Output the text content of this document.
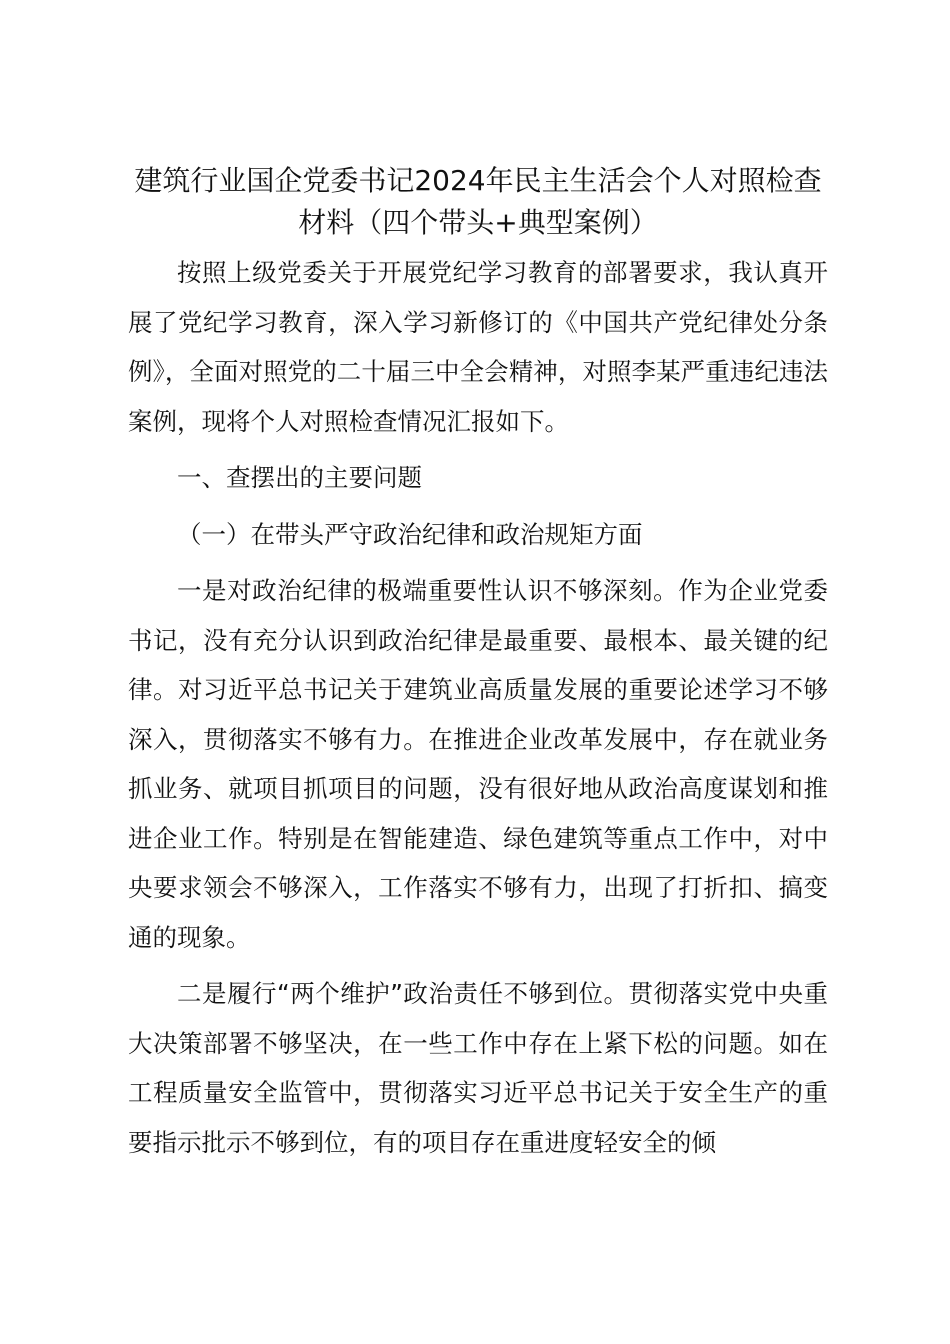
建筑行业国企党委书记2024年民主生活会个人对照检查材料（四个带头+典型案例）

按照上级党委关于开展党纪学习教育的部署要求，我认真开展了党纪学习教育，深入学习新修订的《中国共产党纪律处分条例》，全面对照党的二十届三中全会精神，对照李某严重违纪违法案例，现将个人对照检查情况汇报如下。

一、查摆出的主要问题

（一）在带头严守政治纪律和政治规矩方面

一是对政治纪律的极端重要性认识不够深刻。作为企业党委书记，没有充分认识到政治纪律是最重要、最根本、最关键的纪律。对习近平总书记关于建筑业高质量发展的重要论述学习不够深入，贯彻落实不够有力。在推进企业改革发展中，存在就业务抓业务、就项目抓项目的问题，没有很好地从政治高度谋划和推进企业工作。特别是在智能建造、绿色建筑等重点工作中，对中央要求领会不够深入，工作落实不够有力，出现了打折扣、搞变通的现象。

二是履行“两个维护”政治责任不够到位。贯彻落实党中央重大决策部署不够坚决，在一些工作中存在上紧下松的问题。如在工程质量安全监管中，贯彻落实习近平总书记关于安全生产的重要指示批示不够到位，有的项目存在重进度轻安全的倾
